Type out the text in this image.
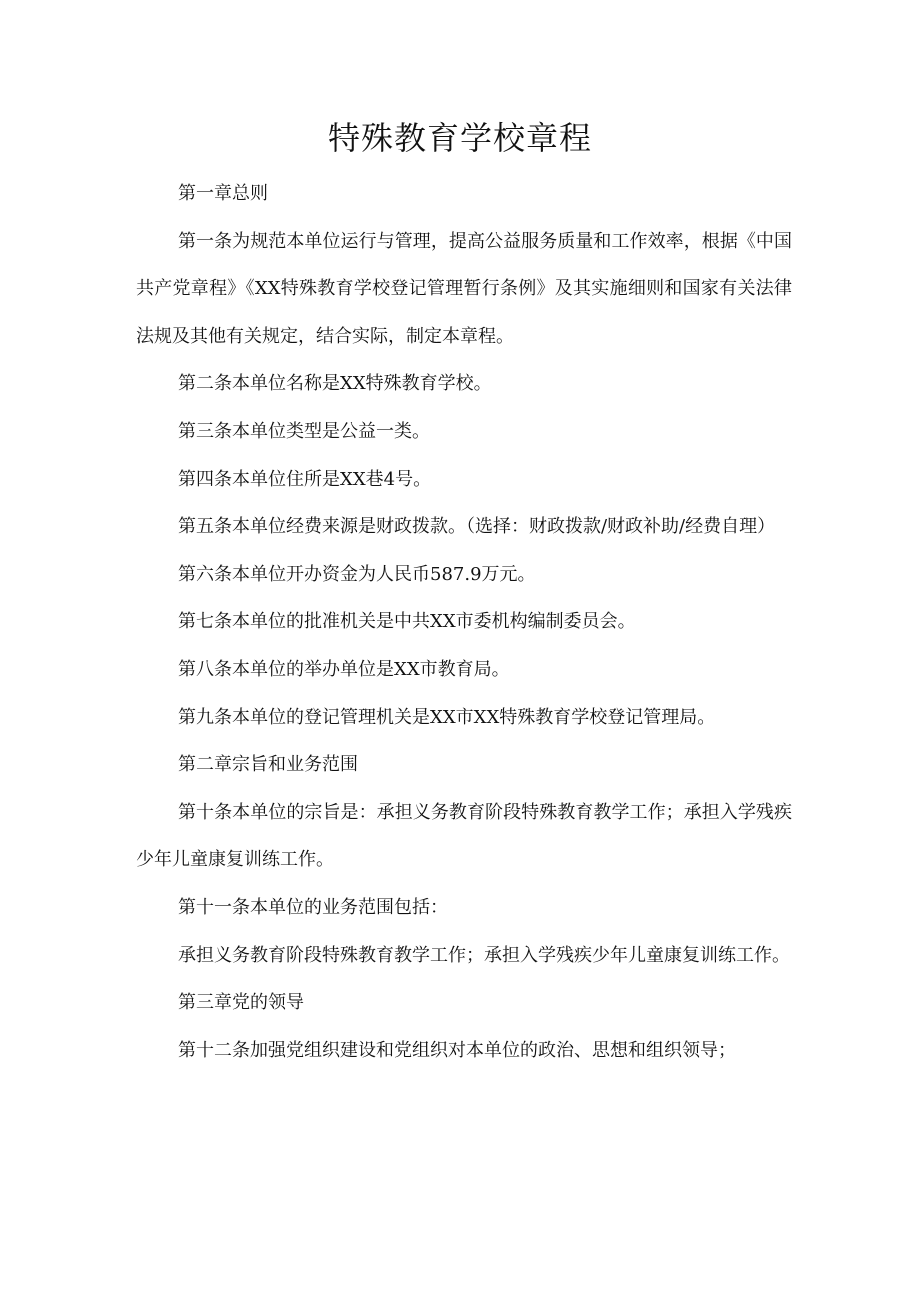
特殊教育学校章程

第一章总则

第一条为规范本单位运行与管理，提高公益服务质量和工作效率，根据《中国共产党章程》《XX特殊教育学校登记管理暂行条例》及其实施细则和国家有关法律法规及其他有关规定，结合实际，制定本章程。

第二条本单位名称是XX特殊教育学校。

第三条本单位类型是公益一类。

第四条本单位住所是XX巷4号。

第五条本单位经费来源是财政拨款。（选择：财政拨款/财政补助/经费自理）

第六条本单位开办资金为人民币587.9万元。

第七条本单位的批准机关是中共XX市委机构编制委员会。

第八条本单位的举办单位是XX市教育局。

第九条本单位的登记管理机关是XX市XX特殊教育学校登记管理局。

第二章宗旨和业务范围

第十条本单位的宗旨是：承担义务教育阶段特殊教育教学工作；承担入学残疾少年儿童康复训练工作。

第十一条本单位的业务范围包括：

承担义务教育阶段特殊教育教学工作；承担入学残疾少年儿童康复训练工作。

第三章党的领导

第十二条加强党组织建设和党组织对本单位的政治、思想和组织领导；
